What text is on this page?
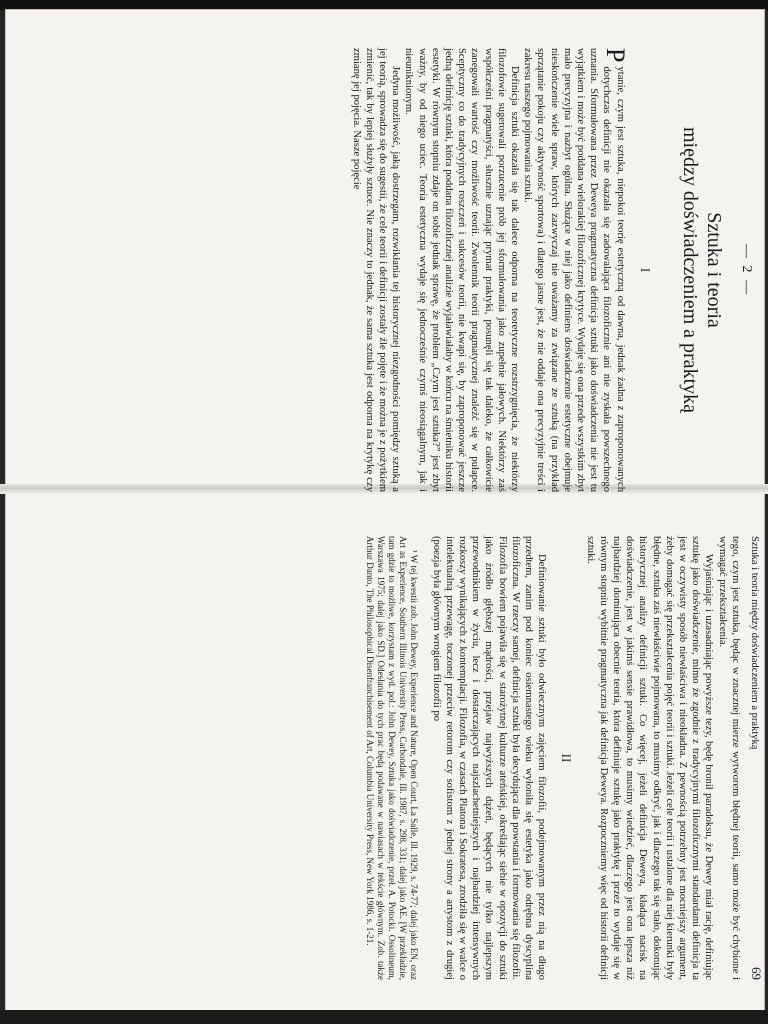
— 2 —
Sztuka i teoria
między doświadczeniem a praktyką
I

P
ytanie, czym jest sztuka, niepokoi teorię estetyczną od dawna, jednak żadna z zaproponowanych dotychczas definicji nie okazała się zadowalająca filozoficznie ani nie zyskała powszechnego uznania. Sformułowana przez Deweya pragmatyczna definicja sztuki jako doświadczenia nie jest tu wyjątkiem i może być poddana wielorakiej filozoficznej krytyce. Wydaje się ona przede wszystkim zbyt mało precyzyjna i nazbyt ogólna. Służące w niej jako definiens doświadczenie estetyczne obejmuje nieskończenie wiele spraw, których zazwyczaj nie uważamy za związane ze sztuką (na przykład sprzątanie pokoju czy aktywność sportowa) i dlatego jasne jest, że nie oddaje ona precyzyjnie treści i zakresu naszego pojmowania sztuki.

Definicja sztuki okazała się tak dalece odporna na teoretyczne rozstrzygnięcia, że niektórzy filozofowie sugerowali porzucenie prób jej sformułowania jako zupełnie jałowych. Niektórzy zaś współcześni pragmatyści, słusznie uznając prymat praktyki, posunęli się tak daleko, że całkowicie zanegowali wartość czy możliwość teorii. Zwolennik teorii pragmatycznej znaleźć się w pułapce. Sceptyczny co do tradycyjnych roszczeń i sukcesów teorii, nie kwapi się, by zaproponować jeszcze jedną definicję sztuki, która poddana filozoficznej analizie wyjaławiałaby w końcu na śmietniku historii estetyki. W równym stopniu zdaje on sobie jednak sprawę, że problem „Czym jest sztuka?” jest zbyt ważny, by od niego uciec. Teoria estetyczna wydaje się jednocześnie czymś nieosiągalnym, jak i nieuniknionym.

Jedyna możliwość, jaką dostrzegam, rozwikłania tej historycznej niezgodności pomiędzy sztuką a jej teorią, sprowadza się do sugestii, że cele teorii i definicji zostały źle pojęte i że można je z pożytkiem zmienić, tak by lepiej służyły sztuce. Nie znaczy to jednak, że sama sztuka jest odporna na krytykę czy zmianę jej pojęcia. Nasze pojęcie

Sztuka i teoria między doświadczeniem a praktyką
69

tego, czym jest sztuka, będąc w znacznej mierze wytworem błędnej teorii, samo może być chybione i wymagać przekształcenia.

Wyjaśniając i uzasadniając powyższe tezy, będę bronił paradoksu, że Dewey miał rację, definiując sztukę jako doświadczenie, mimo że zgodnie z tradycyjnymi filozoficznymi standardami definicja ta jest w oczywisty sposób niewłaściwa i nieokładna. Z pewnością potrzebny jest mocniejszy argument, żeby domagać się przekształcenia pojęć teorii i sztuki. Jeżeli cele teorii i ustalone dla niej kierunki były błędne, sztuka zaś niewłaściwie pojmowana, to musimy odkryć, jak i dlaczego tak się stało, dokonując historycznej analizy definicji sztuki. Co więcej, jeżeli definicja Deweya, kładąca nacisk na doświadczenie, jest w jakimś sensie prawidłowa, to musimy wiedzieć, dlaczego jest ona lepsza niż najbardziej dominująca obecnie teoria, która definiuje sztukę jako praktykę i przez to wydaje się w równym stopniu wybitnie pragmatyczna jak definicja Deweya. Rozpoczniemy więc od historii definicji sztuki.

II

Definiowanie sztuki było odwiecznym zajęciem filozofii, podejmowanym przez nią na długo przedtem, zanim pod koniec osiemnastego wieku wyłoniła się estetyka jako odrębna dyscyplina filozoficzna. W rzeczy samej, definicja sztuki była decydująca dla powstania i formowania się filozofii. Filozofia bowiem pojawiła się w starożytnej kulturze ateńskiej, określając siebie w opozycji do sztuki jako źródło głębszej mądrości, przejaw najwyższych dążeń, będących nie tylko najlepszym przewodnikiem w życiu, lecz i dostarczających najszlachetniejszych i najbardziej intensywnych rozkoszy wynikających z kontemplacji. Filozofia, w czasach Platona i Sokratesa, zrodziła się w walce o intelektualną przewagę, toczonej przeciw retorom czy sofistom z jednej strony a artystom z drugiej (poezja była głównym wrogiem filozofii po

¹ W tej kwestii zob. John Dewey, Experience and Nature, Open Court, La Salle, Ill. 1929, s. 74-77; dalej jako EN, oraz Art as Experience, Southern Illinois University Press, Carbondale, Ill. 1987, s. 298, 331; dalej jako AE. [W przekładzie, tam gdzie to możliwe, korzystam z wyd. pol.: John Dewey, Sztuka jako doświadczenie, przeł. A. Potocki. Ossolineum, Warszawa 1975; dalej jako SD.] Odesłania do tych prac będą podawane w nawiasach w tekście głównym. Zob. także Arthur Danto, The Philosophical Disenfranchisement of Art, Columbia University Press, New York 1986, s. 1-21.
